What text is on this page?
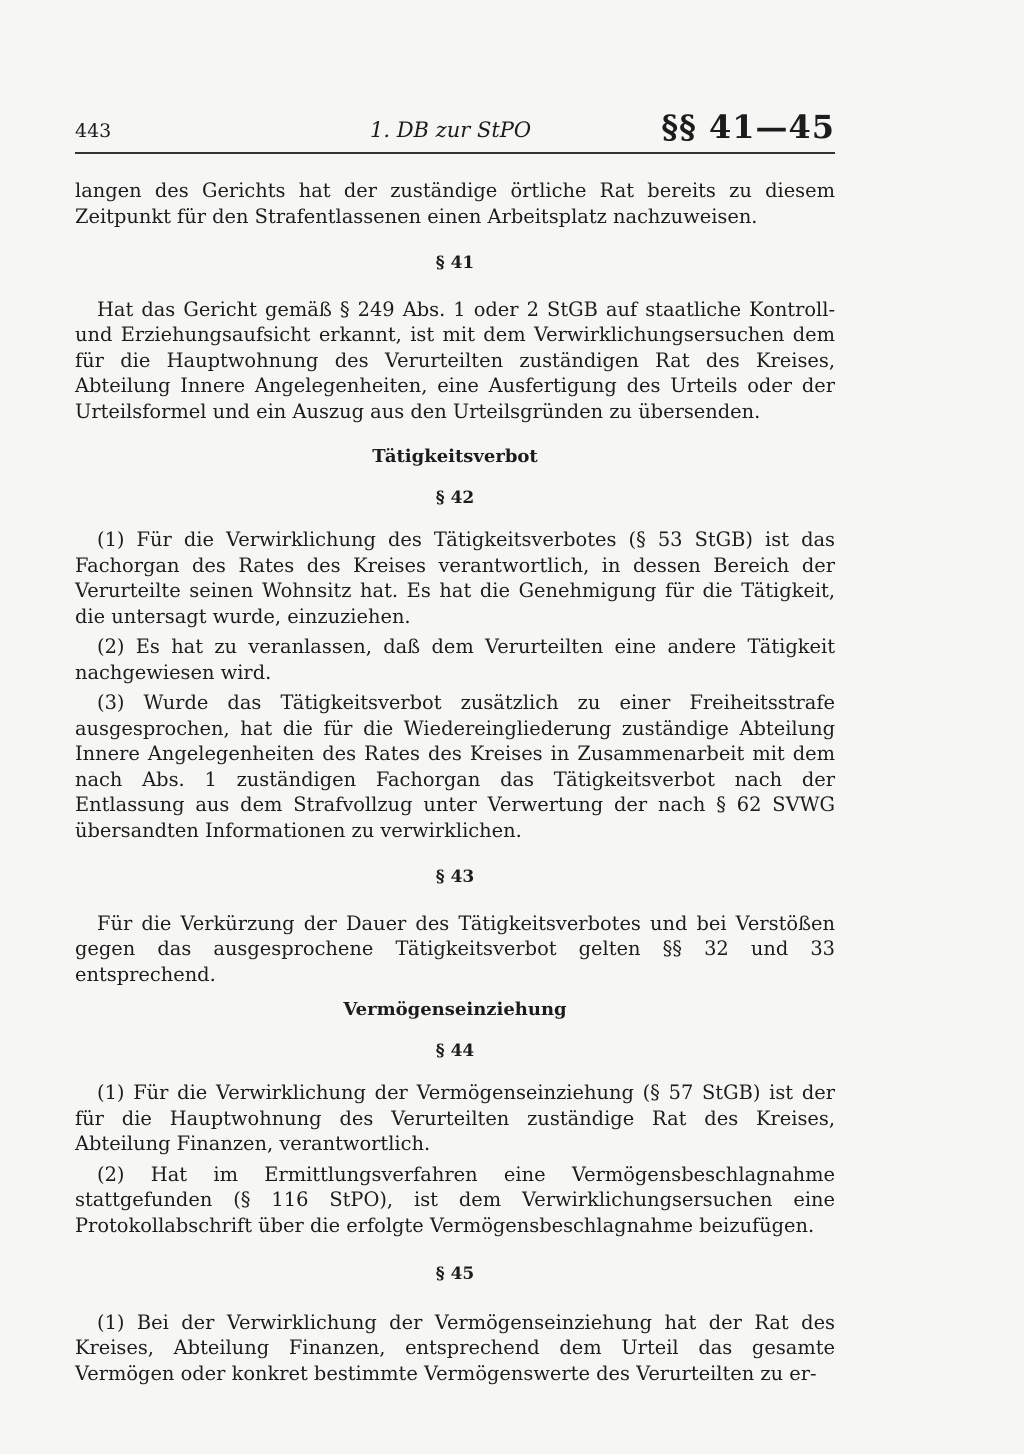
443	1. DB zur StPO	§§ 41—45

langen des Gerichts hat der zuständige örtliche Rat bereits zu diesem Zeitpunkt für den Strafentlassenen einen Arbeitsplatz nachzuweisen.

§ 41

Hat das Gericht gemäß § 249 Abs. 1 oder 2 StGB auf staatliche Kontroll- und Erziehungsaufsicht erkannt, ist mit dem Verwirklichungsersuchen dem für die Hauptwohnung des Verurteilten zuständigen Rat des Kreises, Abteilung Innere Angelegenheiten, eine Ausfertigung des Urteils oder der Urteilsformel und ein Auszug aus den Urteilsgründen zu übersenden.

Tätigkeitsverbot

§ 42

(1) Für die Verwirklichung des Tätigkeitsverbotes (§ 53 StGB) ist das Fachorgan des Rates des Kreises verantwortlich, in dessen Bereich der Verurteilte seinen Wohnsitz hat. Es hat die Genehmigung für die Tätigkeit, die untersagt wurde, einzuziehen.

(2) Es hat zu veranlassen, daß dem Verurteilten eine andere Tätigkeit nachgewiesen wird.

(3) Wurde das Tätigkeitsverbot zusätzlich zu einer Freiheitsstrafe ausgesprochen, hat die für die Wiedereingliederung zuständige Abteilung Innere Angelegenheiten des Rates des Kreises in Zusammenarbeit mit dem nach Abs. 1 zuständigen Fachorgan das Tätigkeitsverbot nach der Entlassung aus dem Strafvollzug unter Verwertung der nach § 62 SVWG übersandten Informationen zu verwirklichen.

§ 43

Für die Verkürzung der Dauer des Tätigkeitsverbotes und bei Verstößen gegen das ausgesprochene Tätigkeitsverbot gelten §§ 32 und 33 entsprechend.

Vermögenseinziehung

§ 44

(1) Für die Verwirklichung der Vermögenseinziehung (§ 57 StGB) ist der für die Hauptwohnung des Verurteilten zuständige Rat des Kreises, Abteilung Finanzen, verantwortlich.

(2) Hat im Ermittlungsverfahren eine Vermögensbeschlagnahme stattgefunden (§ 116 StPO), ist dem Verwirklichungsersuchen eine Protokollabschrift über die erfolgte Vermögensbeschlagnahme beizufügen.

§ 45

(1) Bei der Verwirklichung der Vermögenseinziehung hat der Rat des Kreises, Abteilung Finanzen, entsprechend dem Urteil das gesamte Vermögen oder konkret bestimmte Vermögenswerte des Verurteilten zu er-
